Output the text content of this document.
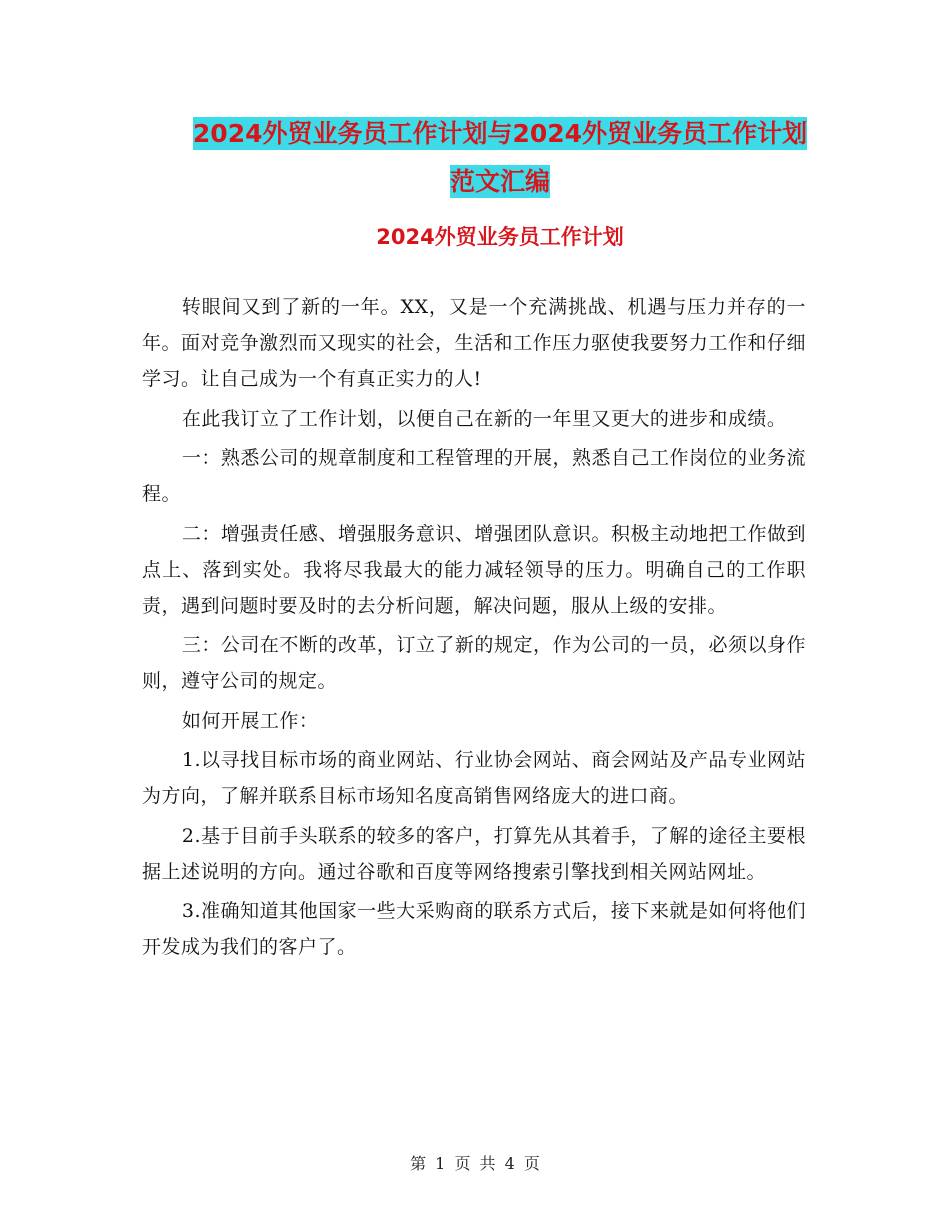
2024外贸业务员工作计划与2024外贸业务员工作计划
范文汇编
2024外贸业务员工作计划

转眼间又到了新的一年。XX，又是一个充满挑战、机遇与压力并存的一年。面对竞争激烈而又现实的社会，生活和工作压力驱使我要努力工作和仔细学习。让自己成为一个有真正实力的人!

在此我订立了工作计划，以便自己在新的一年里又更大的进步和成绩。

一：熟悉公司的规章制度和工程管理的开展，熟悉自己工作岗位的业务流程。

二：增强责任感、增强服务意识、增强团队意识。积极主动地把工作做到点上、落到实处。我将尽我最大的能力减轻领导的压力。明确自己的工作职责，遇到问题时要及时的去分析问题，解决问题，服从上级的安排。

三：公司在不断的改革，订立了新的规定，作为公司的一员，必须以身作则，遵守公司的规定。

如何开展工作：

1.以寻找目标市场的商业网站、行业协会网站、商会网站及产品专业网站为方向，了解并联系目标市场知名度高销售网络庞大的进口商。

2.基于目前手头联系的较多的客户，打算先从其着手，了解的途径主要根据上述说明的方向。通过谷歌和百度等网络搜索引擎找到相关网站网址。

3.准确知道其他国家一些大采购商的联系方式后，接下来就是如何将他们开发成为我们的客户了。

第 1 页 共 4 页
